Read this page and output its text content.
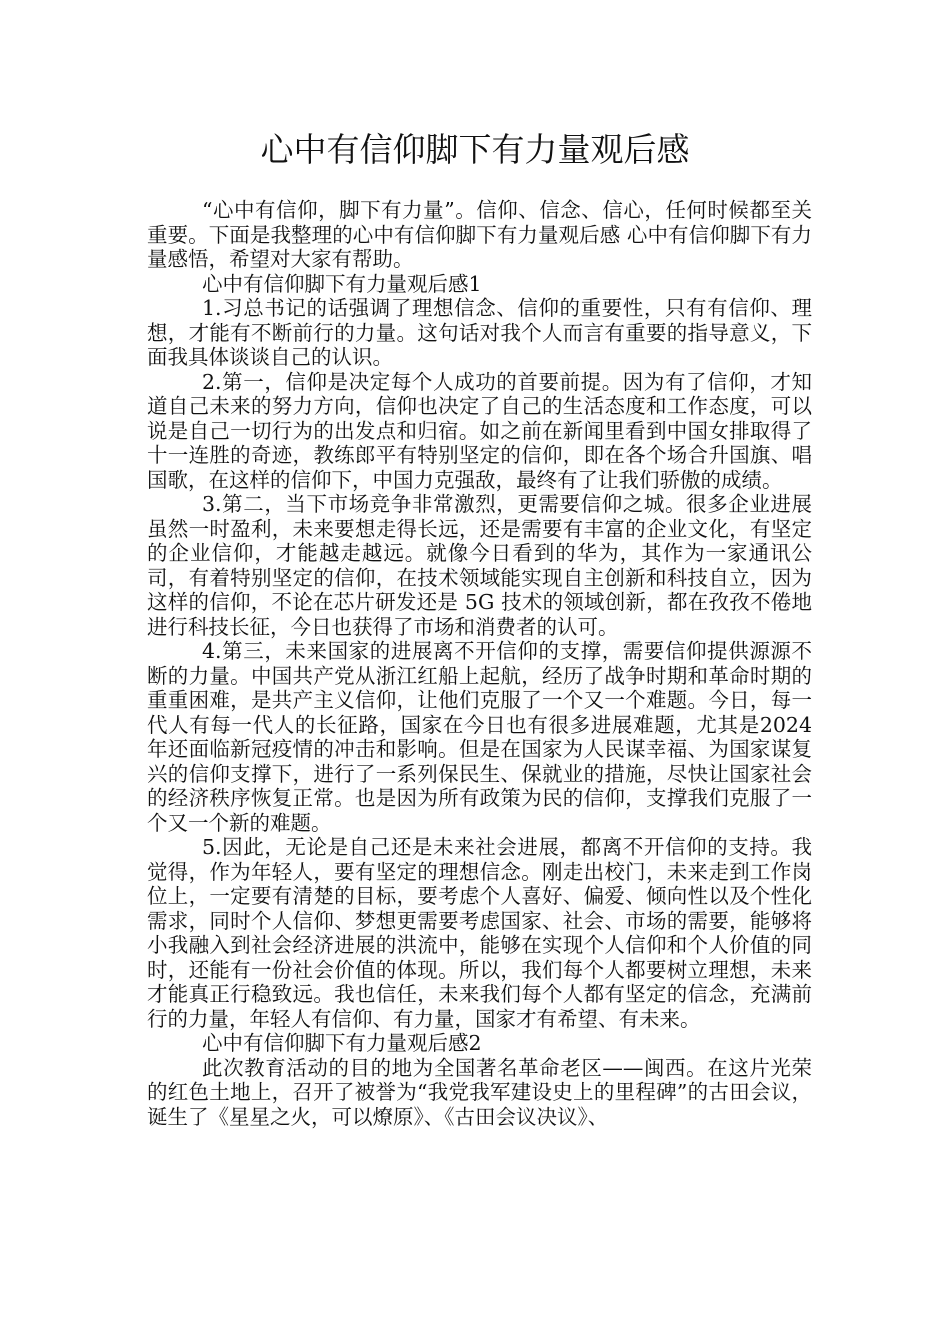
心中有信仰脚下有力量观后感

“心中有信仰，脚下有力量”。信仰、信念、信心，任何时候都至关重要。下面是我整理的心中有信仰脚下有力量观后感 心中有信仰脚下有力量感悟，希望对大家有帮助。

心中有信仰脚下有力量观后感1

1.习总书记的话强调了理想信念、信仰的重要性，只有有信仰、理想，才能有不断前行的力量。这句话对我个人而言有重要的指导意义，下面我具体谈谈自己的认识。

2.第一，信仰是决定每个人成功的首要前提。因为有了信仰，才知道自己未来的努力方向，信仰也决定了自己的生活态度和工作态度，可以说是自己一切行为的出发点和归宿。如之前在新闻里看到中国女排取得了十一连胜的奇迹，教练郎平有特别坚定的信仰，即在各个场合升国旗、唱国歌，在这样的信仰下，中国力克强敌，最终有了让我们骄傲的成绩。

3.第二，当下市场竞争非常激烈，更需要信仰之城。很多企业进展虽然一时盈利，未来要想走得长远，还是需要有丰富的企业文化，有坚定的企业信仰，才能越走越远。就像今日看到的华为，其作为一家通讯公司，有着特别坚定的信仰，在技术领域能实现自主创新和科技自立，因为这样的信仰，不论在芯片研发还是 5G 技术的领域创新，都在孜孜不倦地进行科技长征，今日也获得了市场和消费者的认可。

4.第三，未来国家的进展离不开信仰的支撑，需要信仰提供源源不断的力量。中国共产党从浙江红船上起航，经历了战争时期和革命时期的重重困难，是共产主义信仰，让他们克服了一个又一个难题。今日，每一代人有每一代人的长征路，国家在今日也有很多进展难题，尤其是2024 年还面临新冠疫情的冲击和影响。但是在国家为人民谋幸福、为国家谋复兴的信仰支撑下，进行了一系列保民生、保就业的措施，尽快让国家社会的经济秩序恢复正常。也是因为所有政策为民的信仰，支撑我们克服了一个又一个新的难题。

5.因此，无论是自己还是未来社会进展，都离不开信仰的支持。我觉得，作为年轻人，要有坚定的理想信念。刚走出校门，未来走到工作岗位上，一定要有清楚的目标，要考虑个人喜好、偏爱、倾向性以及个性化需求，同时个人信仰、梦想更需要考虑国家、社会、市场的需要，能够将小我融入到社会经济进展的洪流中，能够在实现个人信仰和个人价值的同时，还能有一份社会价值的体现。所以，我们每个人都要树立理想，未来才能真正行稳致远。我也信任，未来我们每个人都有坚定的信念，充满前行的力量，年轻人有信仰、有力量，国家才有希望、有未来。

心中有信仰脚下有力量观后感2

此次教育活动的目的地为全国著名革命老区——闽西。在这片光荣的红色土地上，召开了被誉为“我党我军建设史上的里程碑”的古田会议，诞生了《星星之火，可以燎原》、《古田会议决议》、
